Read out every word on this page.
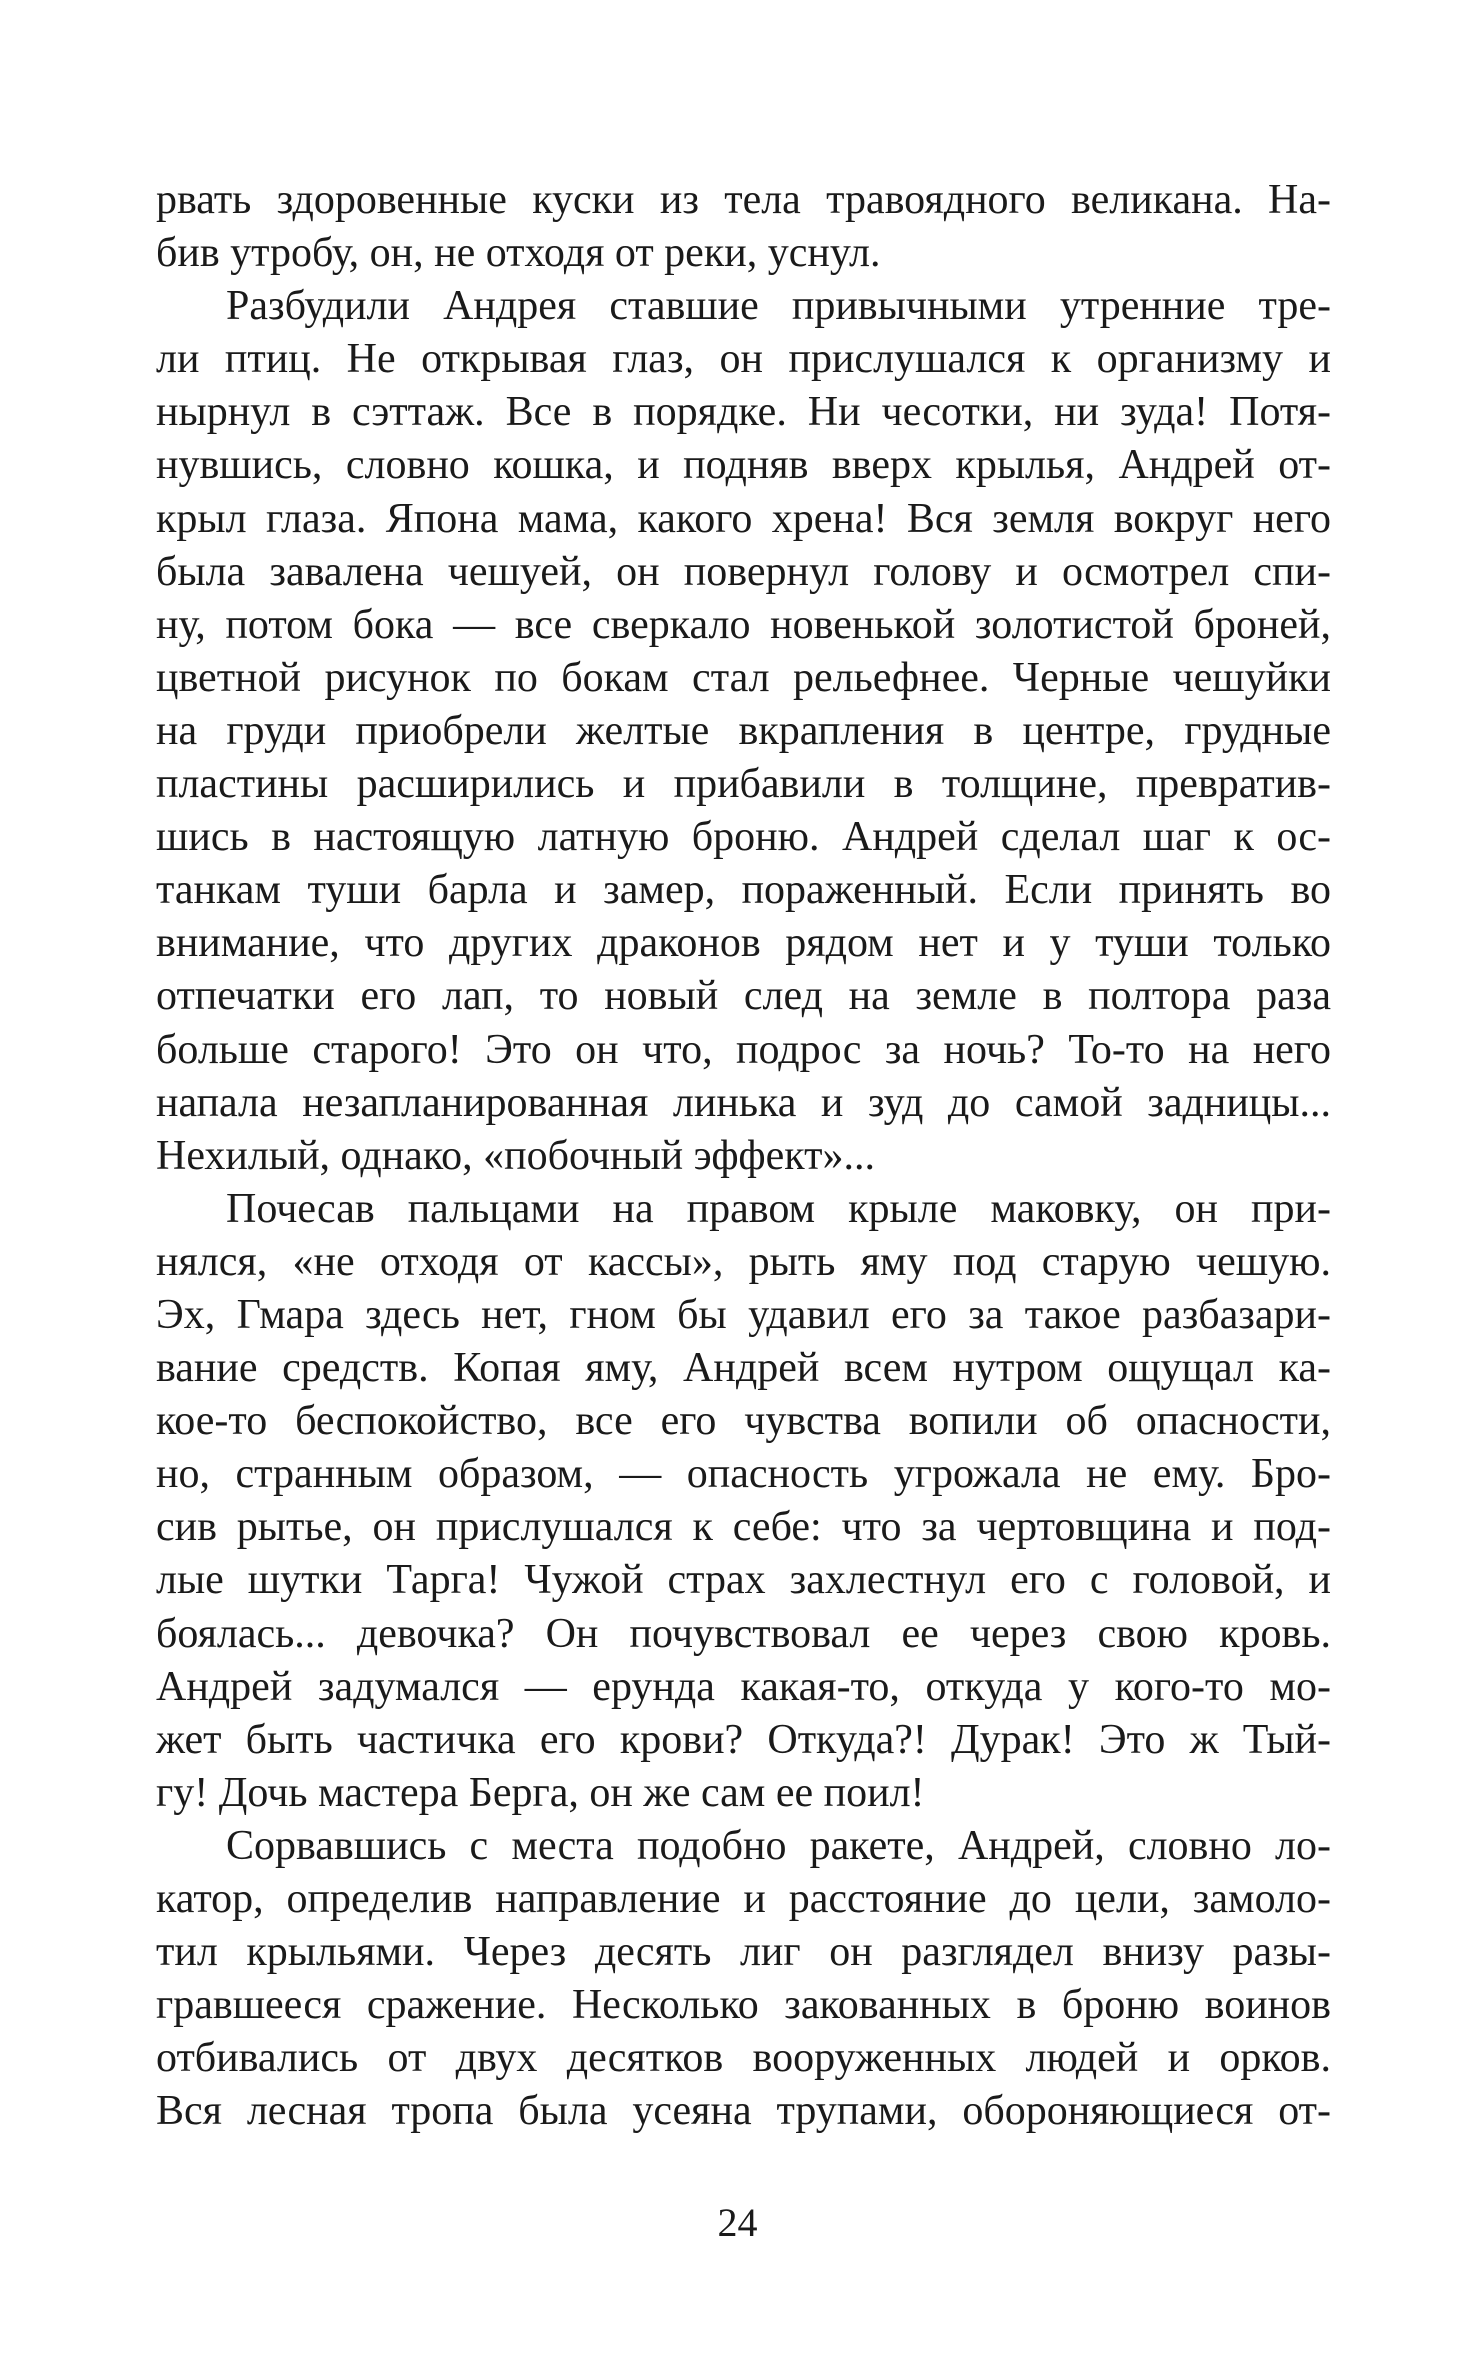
рвать здоровенные куски из тела травоядного великана. На-
бив утробу, он, не отходя от реки, уснул.
Разбудили Андрея ставшие привычными утренние тре-
ли птиц. Не открывая глаз, он прислушался к организму и
нырнул в сэттаж. Все в порядке. Ни чесотки, ни зуда! Потя-
нувшись, словно кошка, и подняв вверх крылья, Андрей от-
крыл глаза. Япона мама, какого хрена! Вся земля вокруг него
была завалена чешуей, он повернул голову и осмотрел спи-
ну, потом бока — все сверкало новенькой золотистой броней,
цветной рисунок по бокам стал рельефнее. Черные чешуйки
на груди приобрели желтые вкрапления в центре, грудные
пластины расширились и прибавили в толщине, превратив-
шись в настоящую латную броню. Андрей сделал шаг к ос-
танкам туши барла и замер, пораженный. Если принять во
внимание, что других драконов рядом нет и у туши только
отпечатки его лап, то новый след на земле в полтора раза
больше старого! Это он что, подрос за ночь? То-то на него
напала незапланированная линька и зуд до самой задницы...
Нехилый, однако, «побочный эффект»...
Почесав пальцами на правом крыле маковку, он при-
нялся, «не отходя от кассы», рыть яму под старую чешую.
Эх, Гмара здесь нет, гном бы удавил его за такое разбазари-
вание средств. Копая яму, Андрей всем нутром ощущал ка-
кое-то беспокойство, все его чувства вопили об опасности,
но, странным образом, — опасность угрожала не ему. Бро-
сив рытье, он прислушался к себе: что за чертовщина и под-
лые шутки Тарга! Чужой страх захлестнул его с головой, и
боялась... девочка? Он почувствовал ее через свою кровь.
Андрей задумался — ерунда какая-то, откуда у кого-то мо-
жет быть частичка его крови? Откуда?! Дурак! Это ж Тый-
гу! Дочь мастера Берга, он же сам ее поил!
Сорвавшись с места подобно ракете, Андрей, словно ло-
катор, определив направление и расстояние до цели, замоло-
тил крыльями. Через десять лиг он разглядел внизу разы-
гравшееся сражение. Несколько закованных в броню воинов
отбивались от двух десятков вооруженных людей и орков.
Вся лесная тропа была усеяна трупами, обороняющиеся от-
24
